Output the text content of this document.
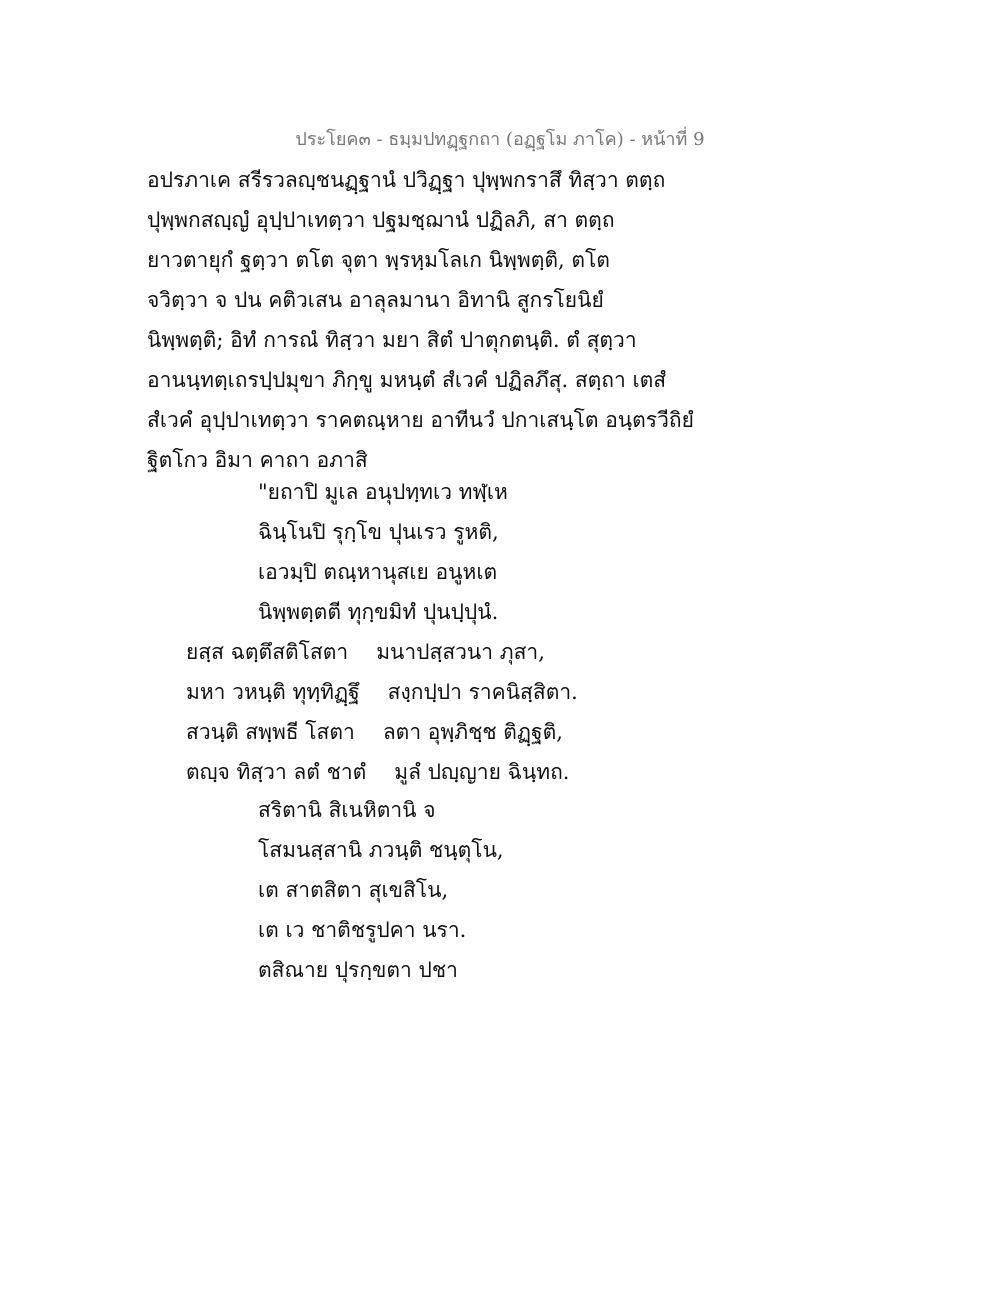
ประโยค๓ - ธมฺมปทฏฺฐกถา (อฏฺฐโม ภาโค) - หน้าที่ 9
อปรภาเค สรีรวลญฺชนฏฺฐานํ ปวิฏฺฐา ปุพฺพกราสึ ทิสฺวา ตตฺถ
ปุพฺพกสญฺญํ อุปฺปาเทตฺวา ปฐมชฺฌานํ ปฏิลภิ, สา ตตฺถ
ยาวตายุกํ ฐตฺวา ตโต จุตา พฺรหฺมโลเก นิพฺพตฺติ, ตโต
จวิตฺวา จ ปน คติวเสน อาลุลมานา อิทานิ สูกรโยนิยํ
นิพฺพตฺติ; อิทํ การณํ ทิสฺวา มยา สิตํ ปาตุกตนฺติ. ตํ สุตฺวา
อานนฺทตฺเถรปฺปมุขา ภิกฺขู มหนฺตํ สํเวคํ ปฏิลภึสุ. สตฺถา เตสํ
สํเวคํ อุปฺปาเทตฺวา ราคตณฺหาย อาทีนวํ ปกาเสนฺโต อนฺตรวีถิยํ
ฐิตโกว อิมา คาถา อภาสิ
"ยถาปิ มูเล อนุปทฺทเว ทฬฺเห
ฉินฺโนปิ รุกฺโข ปุนเรว รูหติ,
เอวมฺปิ ตณฺหานุสเย อนูหเต
นิพฺพตฺตตี ทุกฺขมิทํ ปุนปฺปุนํ.
ยสฺส ฉตฺตึสติโสตา มนาปสฺสวนา ภุสา,
มหา วหนฺติ ทุทฺทิฏฺฐึ สงฺกปฺปา ราคนิสฺสิตา.
สวนฺติ สพฺพธี โสตา ลตา อุพฺภิชฺช ติฏฺฐติ,
ตญฺจ ทิสฺวา ลตํ ชาตํ มูลํ ปญฺญาย ฉินฺทถ.
สริตานิ สิเนหิตานิ จ
โสมนสฺสานิ ภวนฺติ ชนฺตุโน,
เต สาตสิตา สุเขสิโน,
เต เว ชาติชรูปคา นรา.
ตสิณาย ปุรกฺขตา ปชา
